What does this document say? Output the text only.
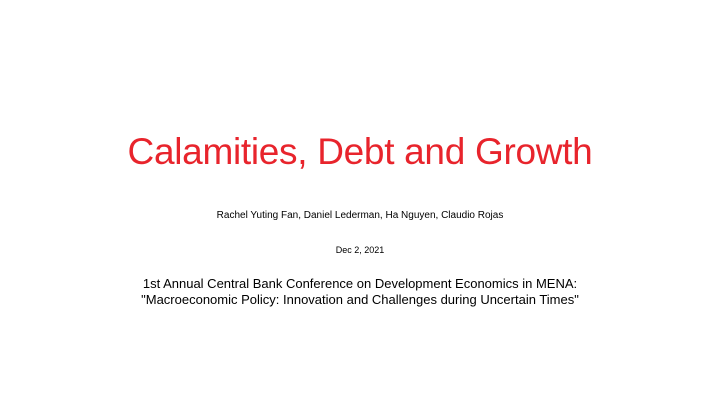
Calamities, Debt and Growth
Rachel Yuting Fan, Daniel Lederman, Ha Nguyen, Claudio Rojas
Dec 2, 2021
1st Annual Central Bank Conference on Development Economics in MENA:
"Macroeconomic Policy: Innovation and Challenges during Uncertain Times"
